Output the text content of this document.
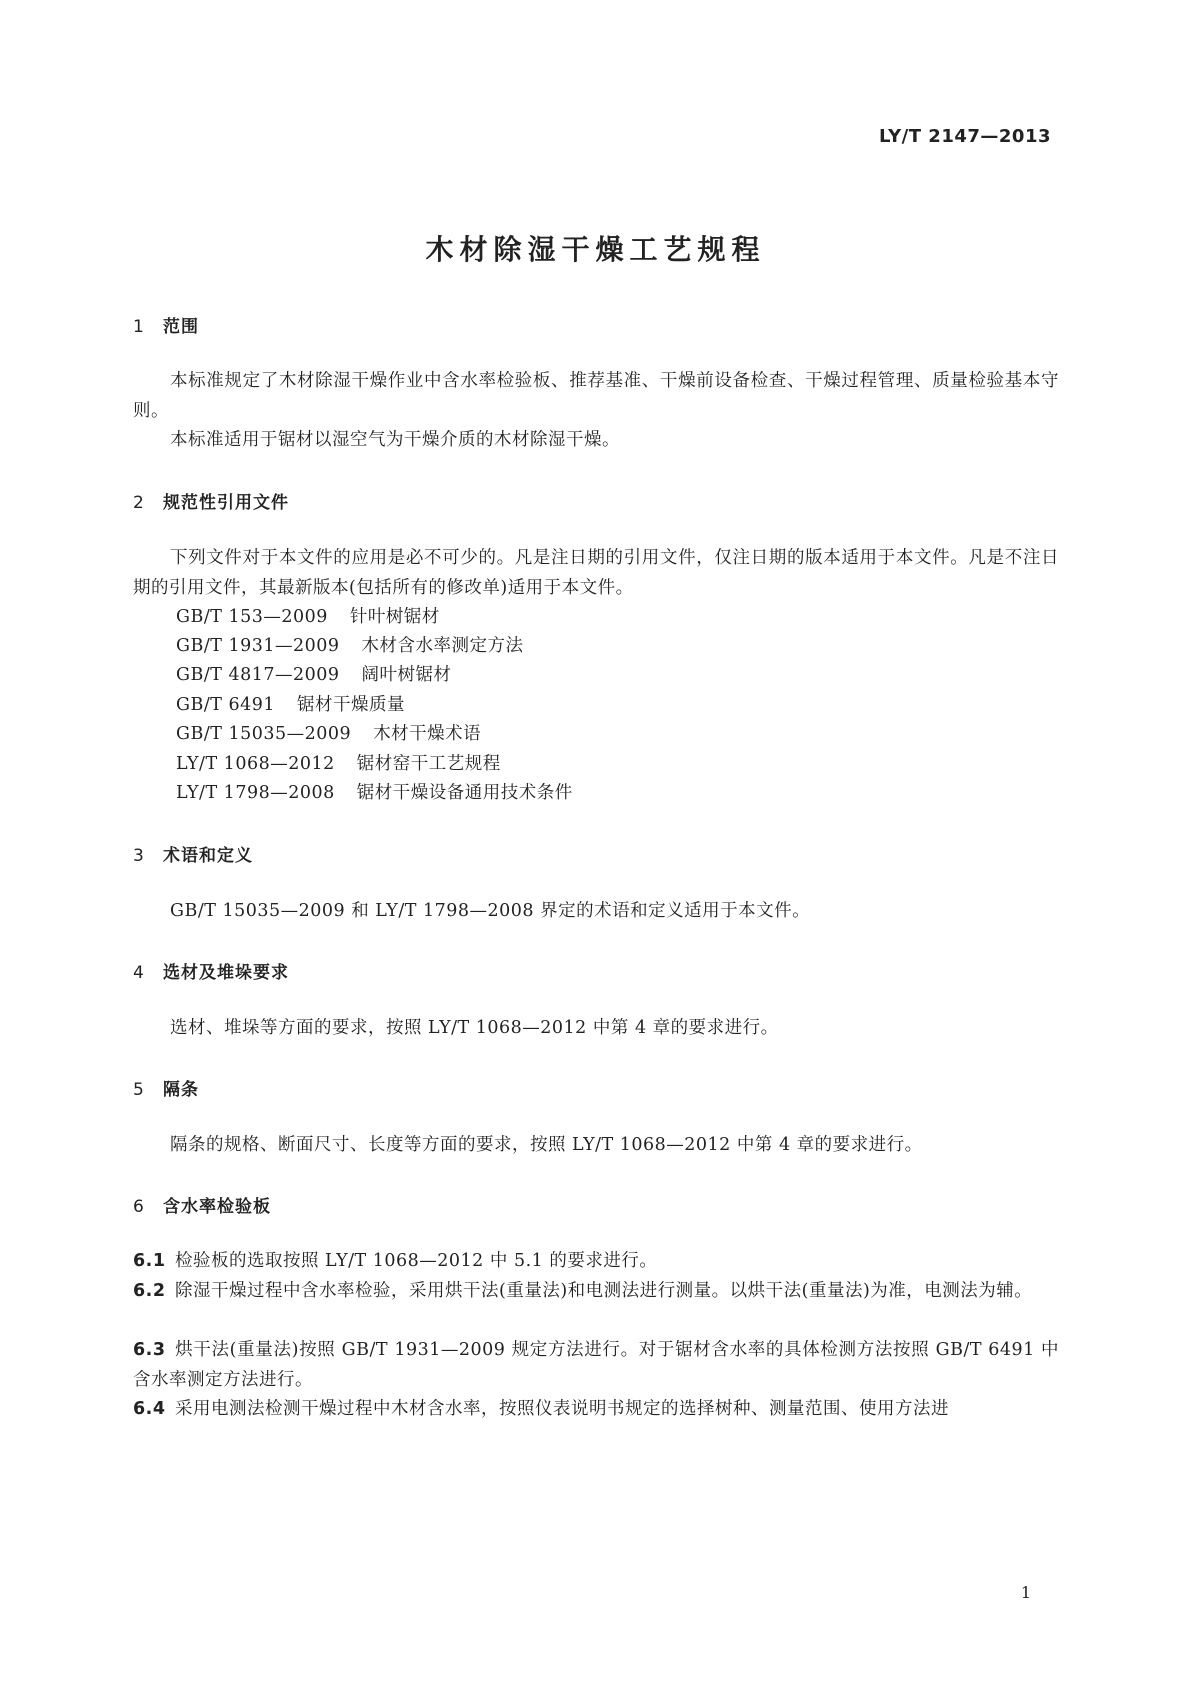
LY/T 2147—2013
木材除湿干燥工艺规程
1 范围
本标准规定了木材除湿干燥作业中含水率检验板、推荐基准、干燥前设备检查、干燥过程管理、质量检验基本守则。
本标准适用于锯材以湿空气为干燥介质的木材除湿干燥。
2 规范性引用文件
下列文件对于本文件的应用是必不可少的。凡是注日期的引用文件，仅注日期的版本适用于本文件。凡是不注日期的引用文件，其最新版本(包括所有的修改单)适用于本文件。
GB/T 153—2009 针叶树锯材
GB/T 1931—2009 木材含水率测定方法
GB/T 4817—2009 阔叶树锯材
GB/T 6491 锯材干燥质量
GB/T 15035—2009 木材干燥术语
LY/T 1068—2012 锯材窑干工艺规程
LY/T 1798—2008 锯材干燥设备通用技术条件
3 术语和定义
GB/T 15035—2009 和 LY/T 1798—2008 界定的术语和定义适用于本文件。
4 选材及堆垛要求
选材、堆垛等方面的要求，按照 LY/T 1068—2012 中第 4 章的要求进行。
5 隔条
隔条的规格、断面尺寸、长度等方面的要求，按照 LY/T 1068—2012 中第 4 章的要求进行。
6 含水率检验板
6.1 检验板的选取按照 LY/T 1068—2012 中 5.1 的要求进行。
6.2 除湿干燥过程中含水率检验，采用烘干法(重量法)和电测法进行测量。以烘干法(重量法)为准，电测法为辅。
6.3 烘干法(重量法)按照 GB/T 1931—2009 规定方法进行。对于锯材含水率的具体检测方法按照 GB/T 6491 中含水率测定方法进行。
6.4 采用电测法检测干燥过程中木材含水率，按照仪表说明书规定的选择树种、测量范围、使用方法进
1
